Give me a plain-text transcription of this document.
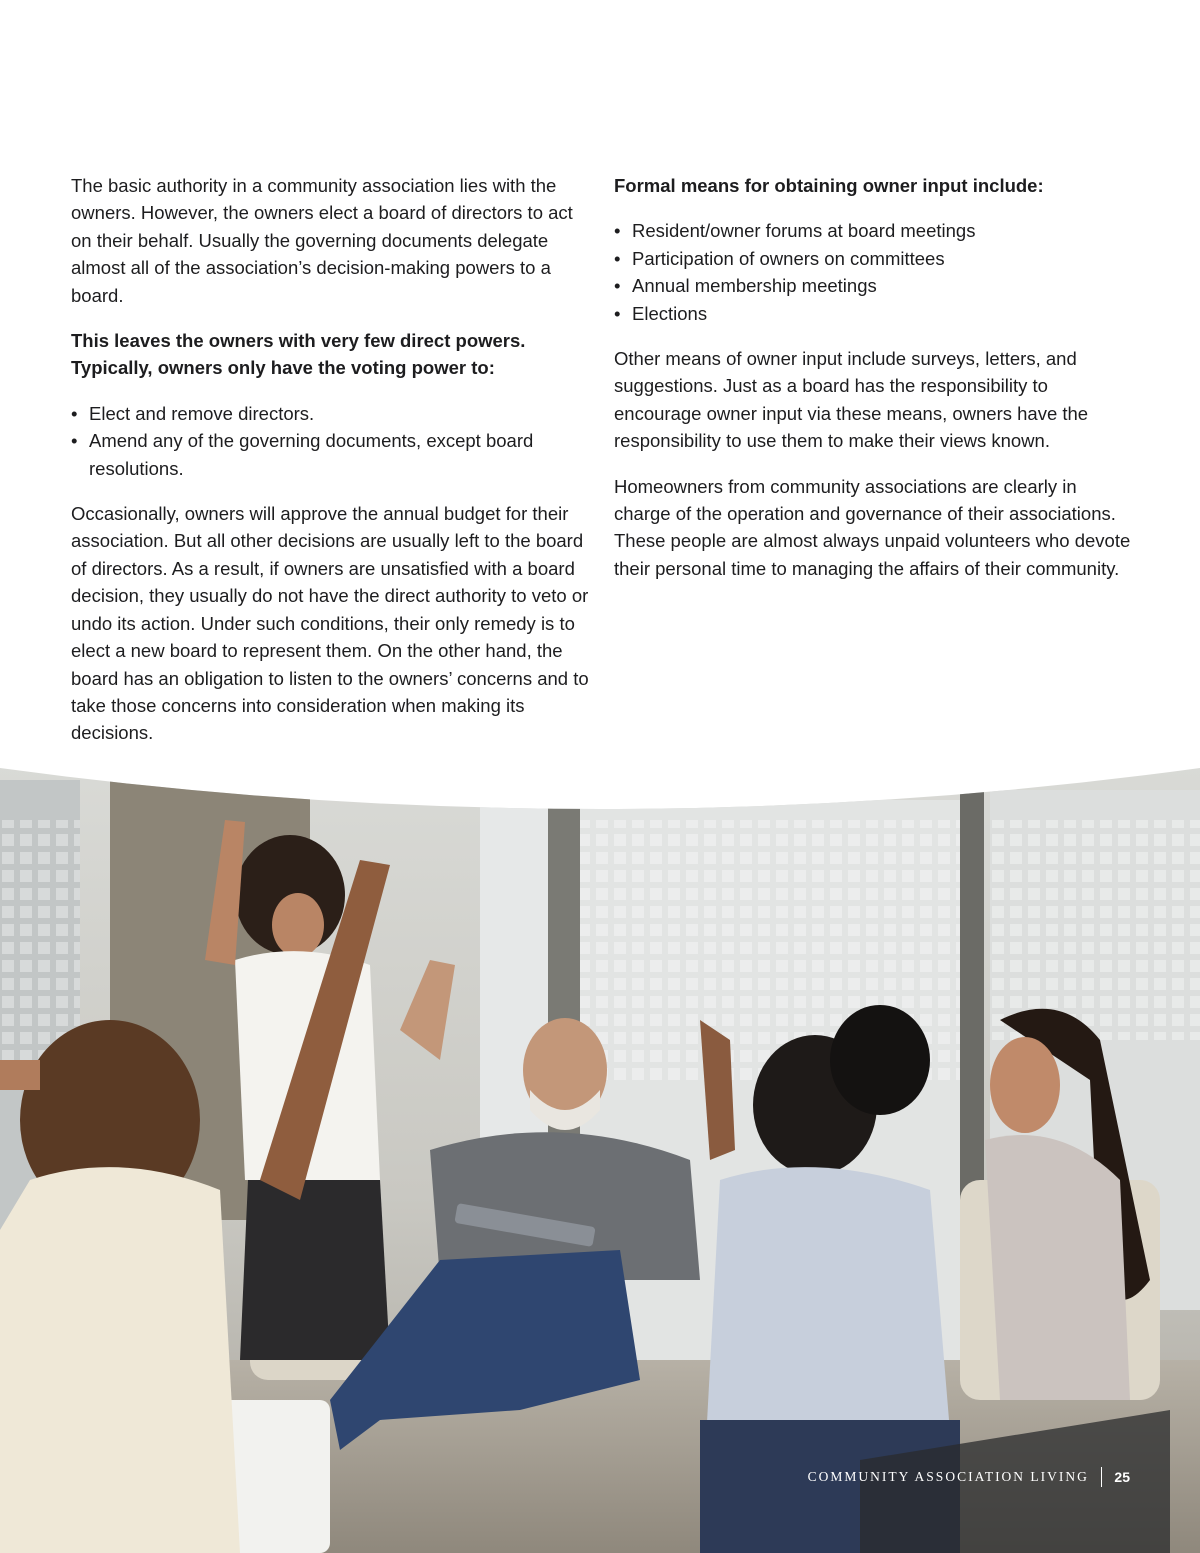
The basic authority in a community association lies with the owners. However, the owners elect a board of directors to act on their behalf. Usually the governing documents delegate almost all of the association’s decision-making powers to a board.

This leaves the owners with very few direct powers. Typically, owners only have the voting power to:

• Elect and remove directors.
• Amend any of the governing documents, except board resolutions.

Occasionally, owners will approve the annual budget for their association. But all other decisions are usually left to the board of directors. As a result, if owners are unsatisfied with a board decision, they usually do not have the direct authority to veto or undo its action. Under such conditions, their only remedy is to elect a new board to represent them. On the other hand, the board has an obligation to listen to the owners’ concerns and to take those concerns into consideration when making its decisions.

Formal means for obtaining owner input include:

• Resident/owner forums at board meetings
• Participation of owners on committees
• Annual membership meetings
• Elections

Other means of owner input include surveys, letters, and suggestions. Just as a board has the responsibility to encourage owner input via these means, owners have the responsibility to use them to make their views known.

Homeowners from community associations are clearly in charge of the operation and governance of their associations. These people are almost always unpaid volunteers who devote their personal time to managing the affairs of their community.

COMMUNITY ASSOCIATION LIVING 25
